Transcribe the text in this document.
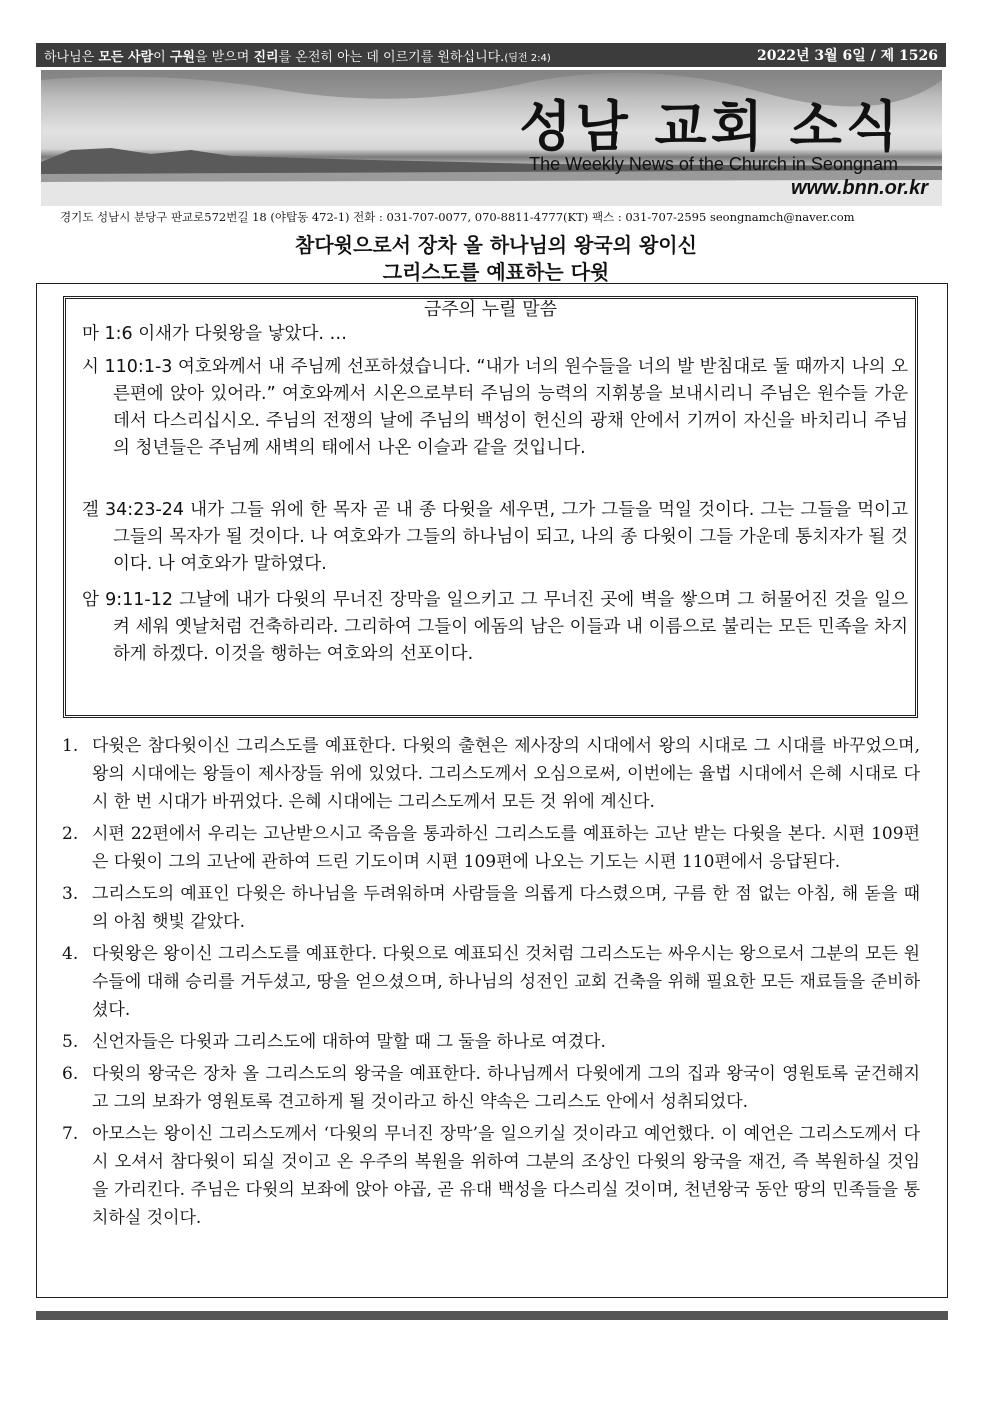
하나님은 모든 사람이 구원을 받으며 진리를 온전히 아는 데 이르기를 원하십니다.(딤전 2:4)	2022년 3월 6일 / 제 1526
성남 교회 소식
The Weekly News of the Church in Seongnam
www.bnn.or.kr
경기도 성남시 분당구 판교로572번길 18 (야탑동 472-1) 전화 : 031-707-0077, 070-8811-4777(KT) 팩스 : 031-707-2595 seongnamch@naver.com
참다윗으로서 장차 올 하나님의 왕국의 왕이신
그리스도를 예표하는 다윗
금주의 누릴 말씀
마 1:6 이새가 다윗왕을 낳았다. …
시 110:1-3 여호와께서 내 주님께 선포하셨습니다. “내가 너의 원수들을 너의 발 받침대로 둘 때까지 나의 오른편에 앉아 있어라.” 여호와께서 시온으로부터 주님의 능력의 지휘봉을 보내시리니 주님은 원수들 가운데서 다스리십시오. 주님의 전쟁의 날에 주님의 백성이 헌신의 광채 안에서 기꺼이 자신을 바치리니 주님의 청년들은 주님께 새벽의 태에서 나온 이슬과 같을 것입니다.
겔 34:23-24 내가 그들 위에 한 목자 곧 내 종 다윗을 세우면, 그가 그들을 먹일 것이다. 그는 그들을 먹이고 그들의 목자가 될 것이다. 나 여호와가 그들의 하나님이 되고, 나의 종 다윗이 그들 가운데 통치자가 될 것이다. 나 여호와가 말하였다.
암 9:11-12 그날에 내가 다윗의 무너진 장막을 일으키고 그 무너진 곳에 벽을 쌓으며 그 허물어진 것을 일으켜 세워 옛날처럼 건축하리라. 그리하여 그들이 에돔의 남은 이들과 내 이름으로 불리는 모든 민족을 차지하게 하겠다. 이것을 행하는 여호와의 선포이다.
1. 다윗은 참다윗이신 그리스도를 예표한다. 다윗의 출현은 제사장의 시대에서 왕의 시대로 그 시대를 바꾸었으며, 왕의 시대에는 왕들이 제사장들 위에 있었다. 그리스도께서 오심으로써, 이번에는 율법 시대에서 은혜 시대로 다시 한 번 시대가 바뀌었다. 은혜 시대에는 그리스도께서 모든 것 위에 계신다.
2. 시편 22편에서 우리는 고난받으시고 죽음을 통과하신 그리스도를 예표하는 고난 받는 다윗을 본다. 시편 109편은 다윗이 그의 고난에 관하여 드린 기도이며 시편 109편에 나오는 기도는 시편 110편에서 응답된다.
3. 그리스도의 예표인 다윗은 하나님을 두려워하며 사람들을 의롭게 다스렸으며, 구름 한 점 없는 아침, 해 돋을 때의 아침 햇빛 같았다.
4. 다윗왕은 왕이신 그리스도를 예표한다. 다윗으로 예표되신 것처럼 그리스도는 싸우시는 왕으로서 그분의 모든 원수들에 대해 승리를 거두셨고, 땅을 얻으셨으며, 하나님의 성전인 교회 건축을 위해 필요한 모든 재료들을 준비하셨다.
5. 신언자들은 다윗과 그리스도에 대하여 말할 때 그 둘을 하나로 여겼다.
6. 다윗의 왕국은 장차 올 그리스도의 왕국을 예표한다. 하나님께서 다윗에게 그의 집과 왕국이 영원토록 굳건해지고 그의 보좌가 영원토록 견고하게 될 것이라고 하신 약속은 그리스도 안에서 성취되었다.
7. 아모스는 왕이신 그리스도께서 ‘다윗의 무너진 장막’을 일으키실 것이라고 예언했다. 이 예언은 그리스도께서 다시 오셔서 참다윗이 되실 것이고 온 우주의 복원을 위하여 그분의 조상인 다윗의 왕국을 재건, 즉 복원하실 것임을 가리킨다. 주님은 다윗의 보좌에 앉아 야곱, 곧 유대 백성을 다스리실 것이며, 천년왕국 동안 땅의 민족들을 통치하실 것이다.
